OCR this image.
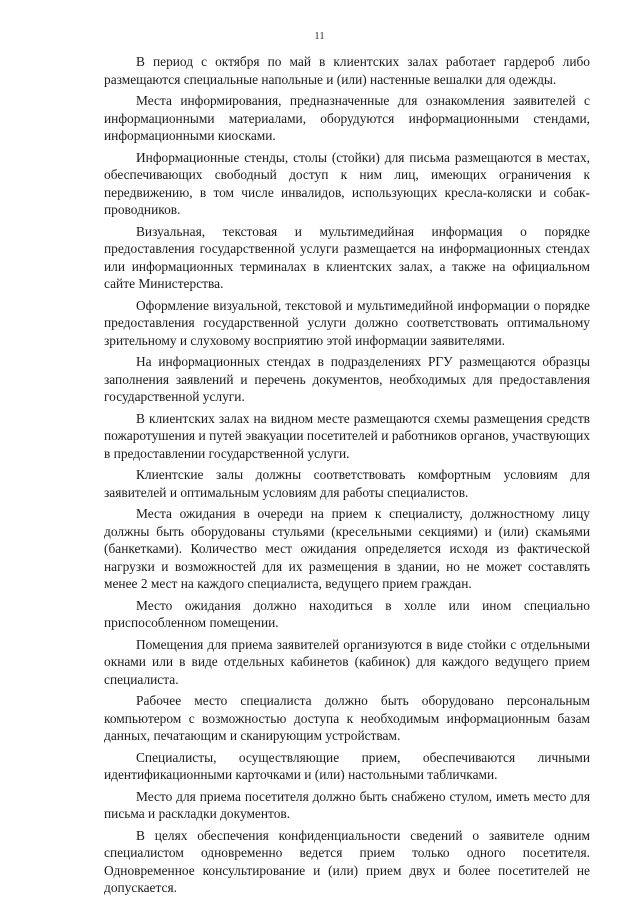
11

В период с октября по май в клиентских залах работает гардероб либо размещаются специальные напольные и (или) настенные вешалки для одежды.

Места информирования, предназначенные для ознакомления заявителей с информационными материалами, оборудуются информационными стендами, информационными киосками.

Информационные стенды, столы (стойки) для письма размещаются в местах, обеспечивающих свободный доступ к ним лиц, имеющих ограничения к передвижению, в том числе инвалидов, использующих кресла-коляски и собак-проводников.

Визуальная, текстовая и мультимедийная информация о порядке предоставления государственной услуги размещается на информационных стендах или информационных терминалах в клиентских залах, а также на официальном сайте Министерства.

Оформление визуальной, текстовой и мультимедийной информации о порядке предоставления государственной услуги должно соответствовать оптимальному зрительному и слуховому восприятию этой информации заявителями.

На информационных стендах в подразделениях РГУ размещаются образцы заполнения заявлений и перечень документов, необходимых для предоставления государственной услуги.

В клиентских залах на видном месте размещаются схемы размещения средств пожаротушения и путей эвакуации посетителей и работников органов, участвующих в предоставлении государственной услуги.

Клиентские залы должны соответствовать комфортным условиям для заявителей и оптимальным условиям для работы специалистов.

Места ожидания в очереди на прием к специалисту, должностному лицу должны быть оборудованы стульями (кресельными секциями) и (или) скамьями (банкетками). Количество мест ожидания определяется исходя из фактической нагрузки и возможностей для их размещения в здании, но не может составлять менее 2 мест на каждого специалиста, ведущего прием граждан.

Место ожидания должно находиться в холле или ином специально приспособленном помещении.

Помещения для приема заявителей организуются в виде стойки с отдельными окнами или в виде отдельных кабинетов (кабинок) для каждого ведущего прием специалиста.

Рабочее место специалиста должно быть оборудовано персональным компьютером с возможностью доступа к необходимым информационным базам данных, печатающим и сканирующим устройствам.

Специалисты, осуществляющие прием, обеспечиваются личными идентификационными карточками и (или) настольными табличками.

Место для приема посетителя должно быть снабжено стулом, иметь место для письма и раскладки документов.

В целях обеспечения конфиденциальности сведений о заявителе одним специалистом одновременно ведется прием только одного посетителя. Одновременное консультирование и (или) прием двух и более посетителей не допускается.
